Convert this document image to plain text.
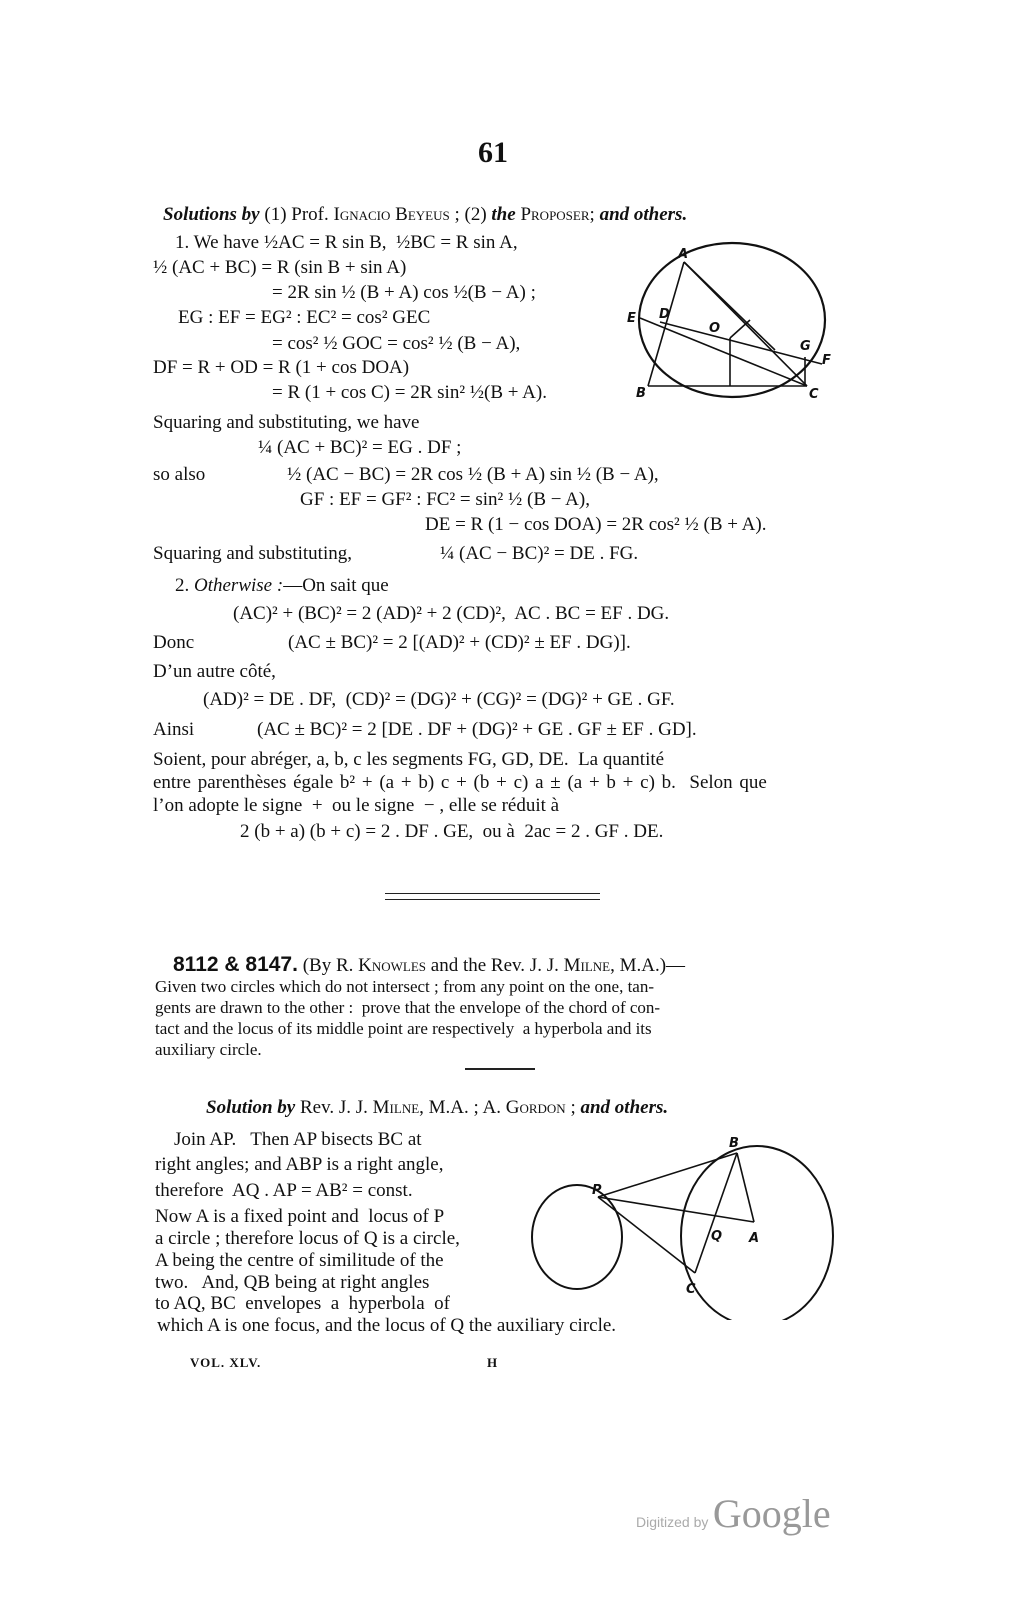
61
Solutions by (1) Prof. Ignacio Beyeus ; (2) the Proposer; and others.
1. We have ½AC = R sin B,  ½BC = R sin A,
½ (AC + BC) = R (sin B + sin A)
= 2R sin ½ (B + A) cos ½(B − A) ;
EG : EF = EG² : EC² = cos² GEC
= cos² ½ GOC = cos² ½ (B − A),
DF = R + OD = R (1 + cos DOA)
= R (1 + cos C) = 2R sin² ½(B + A).
Squaring and substituting, we have
¼ (AC + BC)² = EG . DF ;
so also	½ (AC − BC) = 2R cos ½ (B + A) sin ½ (B − A),
GF : EF = GF² : FC² = sin² ½ (B − A),
DE = R (1 − cos DOA) = 2R cos² ½ (B + A).
Squaring and substituting,	¼ (AC − BC)² = DE . FG.
A
B	C
D
E
F
G
O
2. Otherwise :—On sait que
(AC)² + (BC)² = 2 (AD)² + 2 (CD)²,  AC . BC = EF . DG.
Donc	(AC ± BC)² = 2 [(AD)² + (CD)² ± EF . DG)].
D’un autre côté,
(AD)² = DE . DF,  (CD)² = (DG)² + (CG)² = (DG)² + GE . GF.
Ainsi	(AC ± BC)² = 2 [DE . DF + (DG)² + GE . GF ± EF . GD].
Soient, pour abréger, a, b, c les segments FG, GD, DE.  La quantité
entre parenthèses égale b² + (a + b) c + (b + c) a ± (a + b + c) b.  Selon que
l’on adopte le signe  +  ou le signe  − , elle se réduit à
2 (b + a) (b + c) = 2 . DF . GE,  ou à  2ac = 2 . GF . DE.
8112 & 8147. (By R. Knowles and the Rev. J. J. Milne, M.A.)—
Given two circles which do not intersect ; from any point on the one, tan-
gents are drawn to the other :  prove that the envelope of the chord of con-
tact and the locus of its middle point are respectively  a hyperbola and its
auxiliary circle.
Solution by Rev. J. J. Milne, M.A. ; A. Gordon ; and others.
Join AP.   Then AP bisects BC at
right angles; and ABP is a right angle,
therefore  AQ . AP = AB² = const.
Now A is a fixed point and  locus of P
a circle ; therefore locus of Q is a circle,
A being the centre of similitude of the
two.   And, QB being at right angles
to AQ, BC  envelopes  a  hyperbola  of
which A is one focus, and the locus of Q the auxiliary circle.
B
P
Q A
C
VOL. XLV.	H
Digitized by Google
